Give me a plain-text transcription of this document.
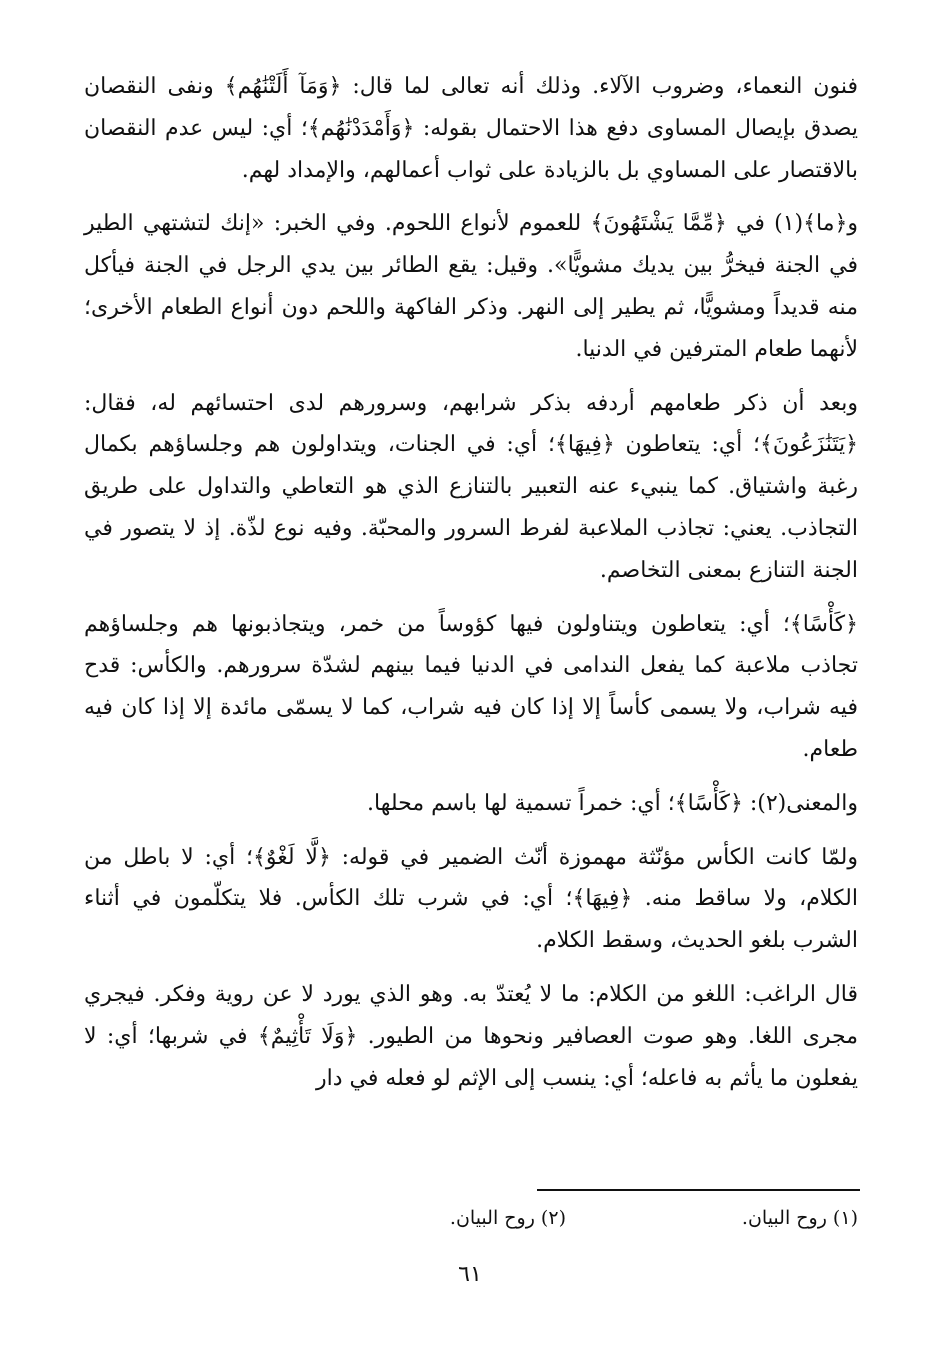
فنون النعماء، وضروب الآلاء. وذلك أنه تعالى لما قال: ﴿وَمَآ أَلَتْنَٰهُم﴾ ونفى النقصان يصدق بإيصال المساوى دفع هذا الاحتمال بقوله: ﴿وَأَمْدَدْنَٰهُم﴾؛ أي: ليس عدم النقصان بالاقتصار على المساوي بل بالزيادة على ثواب أعمالهم، والإمداد لهم.

و﴿ما﴾(١) في ﴿مِّمَّا يَشْتَهُونَ﴾ للعموم لأنواع اللحوم. وفي الخبر: «إنك لتشتهي الطير في الجنة فيخرُّ بين يديك مشويًّا». وقيل: يقع الطائر بين يدي الرجل في الجنة فيأكل منه قديداً ومشويًّا، ثم يطير إلى النهر. وذكر الفاكهة واللحم دون أنواع الطعام الأخرى؛ لأنهما طعام المترفين في الدنيا.

وبعد أن ذكر طعامهم أردفه بذكر شرابهم، وسرورهم لدى احتسائهم له، فقال: ﴿يَتَنَٰزَعُونَ﴾؛ أي: يتعاطون ﴿فِيهَا﴾؛ أي: في الجنات، ويتداولون هم وجلساؤهم بكمال رغبة واشتياق. كما ينبيء عنه التعبير بالتنازع الذي هو التعاطي والتداول على طريق التجاذب. يعني: تجاذب الملاعبة لفرط السرور والمحبّة. وفيه نوع لذّة. إذ لا يتصور في الجنة التنازع بمعنى التخاصم.

﴿كَأْسًا﴾؛ أي: يتعاطون ويتناولون فيها كؤوساً من خمر، ويتجاذبونها هم وجلساؤهم تجاذب ملاعبة كما يفعل الندامى في الدنيا فيما بينهم لشدّة سرورهم. والكأس: قدح فيه شراب، ولا يسمى كأساً إلا إذا كان فيه شراب، كما لا يسمّى مائدة إلا إذا كان فيه طعام.

والمعنى(٢): ﴿كَأْسًا﴾؛ أي: خمراً تسمية لها باسم محلها.

ولمّا كانت الكأس مؤنّثة مهموزة أنّث الضمير في قوله: ﴿لَّا لَغْوٌ﴾؛ أي: لا باطل من الكلام، ولا ساقط منه. ﴿فِيهَا﴾؛ أي: في شرب تلك الكأس. فلا يتكلّمون في أثناء الشرب بلغو الحديث، وسقط الكلام.

قال الراغب: اللغو من الكلام: ما لا يُعتدّ به. وهو الذي يورد لا عن روية وفكر. فيجري مجرى اللغا. وهو صوت العصافير ونحوها من الطيور. ﴿وَلَا تَأْثِيمٌ﴾ في شربها؛ أي: لا يفعلون ما يأثم به فاعله؛ أي: ينسب إلى الإثم لو فعله في دار

(١) روح البيان.
(٢) روح البيان.
٦١
